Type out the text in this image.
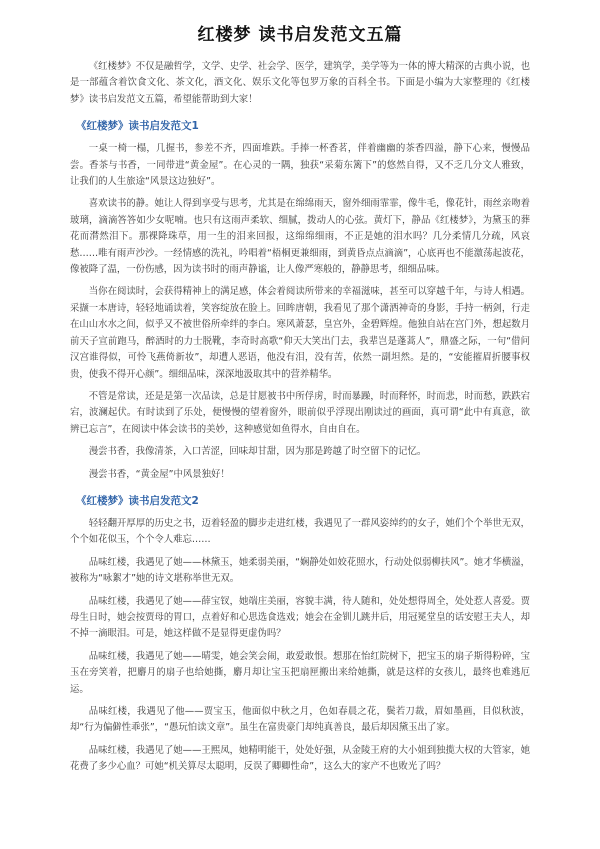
红楼梦 读书启发范文五篇

《红楼梦》不仅是融哲学，文学、史学、社会学、医学，建筑学，美学等为一体的博大精深的古典小说，也是一部蕴含着饮食文化、茶文化，酒文化、娱乐文化等包罗万象的百科全书。下面是小编为大家整理的《红楼梦》读书启发范文五篇，希望能帮助到大家！

《红楼梦》读书启发范文1

一桌一椅一榻，几握书，参差不齐，四面堆跌。手捧一杯香茗，伴着幽幽的茶香四溢，静下心来，慢慢品尝。香茶与书香，一同带进“黄金屋”。在心灵的一隅，独获“采菊东篱下”的悠然自得，又不乏几分文人雅致，让我们的人生旅途“风景这边独好”。

喜欢读书的静。她让人得到享受与思考，尤其是在绵绵雨天，窗外细雨霏霏，像牛毛，像花针，雨丝亲吻着玻璃，滴滴答答如少女呢喃。也只有这雨声柔软、细腻，拨动人的心弦。黄灯下，静品《红楼梦》，为黛玉的葬花而潸然泪下。那裸降珠草，用一生的泪来回报，这绵绵细雨，不正是她的泪水吗？几分柔情几分疏，风哀愁……唯有雨声沙沙。一经情感的洗礼，吟唱着“梧桐更兼细雨，到黄昏点点滴滴”，心底再也不能激荡起波花，像被降了温，一份伤感，因为读书时的雨声静谧，让人像严寒般的，静静思考，细细品味。

当你在阅读时，会获得精神上的满足感，体会着阅读所带来的幸福滋味，甚至可以穿越千年，与诗人相遇。采撷一本唐诗，轻轻地诵读着，笑容绽放在脸上。回眸唐朝，我看见了那个潇洒神奇的身影，手持一柄剑，行走在山山水水之间，似乎又不被世俗所牵绊的李白。寒风萧瑟，皇宫外，金碧辉煌。他独自站在宫门外，想起数月前天子宣前跑马，醉酒时的力士脱靴，李奇时高歌“仰天大笑出门去，我辈岂是蓬蒿人”，鼎盛之际，一句“借问汉宫谁得似，可怜飞燕倚新妆”，却遭人恶语，他没有泪，没有苦，依然一副坦然。是的，“安能摧眉折腰事权贵，使我不得开心颜”。细细品味，深深地汲取其中的营养精华。

不管是常读，还是是第一次品读，总是甘愿被书中所俘虏，时而暴躁，时而释怀，时而悲，时而愁，跌跌宕宕，波澜起伏。有时读到了乐处，便慢慢的望着窗外，眼前似乎浮现出刚读过的画面，真可谓“此中有真意，欲辨已忘言”，在阅读中体会读书的美妙，这种感觉如鱼得水，自由自在。

漫尝书香，我像清茶，入口苦涩，回味却甘甜，因为那是跨越了时空留下的记忆。

漫尝书香，“黄金屋”中风景独好！

《红楼梦》读书启发范文2

轻轻翻开厚厚的历史之书，迈着轻盈的脚步走进红楼，我遇见了一群风姿绰约的女子，她们个个举世无双，个个如花似玉，个个令人难忘……

品味红楼，我遇见了她——林黛玉，她柔弱美丽，“娴静处如姣花照水，行动处似弱柳扶风”。她才华横溢，被称为“咏絮才”她的诗文堪称举世无双。

品味红楼，我遇见了她——薛宝钗，她端庄美丽，容貌丰满，待人随和，处处想得周全，处处惹人喜爱。贾母生日时，她会按贾母的胃口，点着好和心思选食选戏；她会在金钏儿跳井后，用冠冕堂皇的话安慰王夫人，却不掉一滴眼泪。可是，她这样做不是显得更虚伪吗？

品味红楼，我遇见了她——晴雯，她会笑会闹，敢爱敢恨。想那在怡红院树下，把宝玉的扇子斯得粉碎，宝玉在旁笑着，把麝月的扇子也给她撕，麝月却让宝玉把扇匣搬出来给她撕，就是这样的女孩儿，最终也难逃厄运。

品味红楼，我遇见了他——贾宝玉，他面似中秋之月，色如春晨之花，鬓若刀裁，眉如墨画，目似秋波，却“行为偏僻性乖张”，“愚玩怕读文章”。虽生在富贵豪门却纯真善良，最后却因黛玉出了家。

品味红楼，我遇见了她——王熙凤，她精明能干，处处好强，从金陵王府的大小姐到独揽大权的大管家，她花费了多少心血？可她“机关算尽太聪明，反误了卿卿性命”，这么大的家产不也败光了吗？
